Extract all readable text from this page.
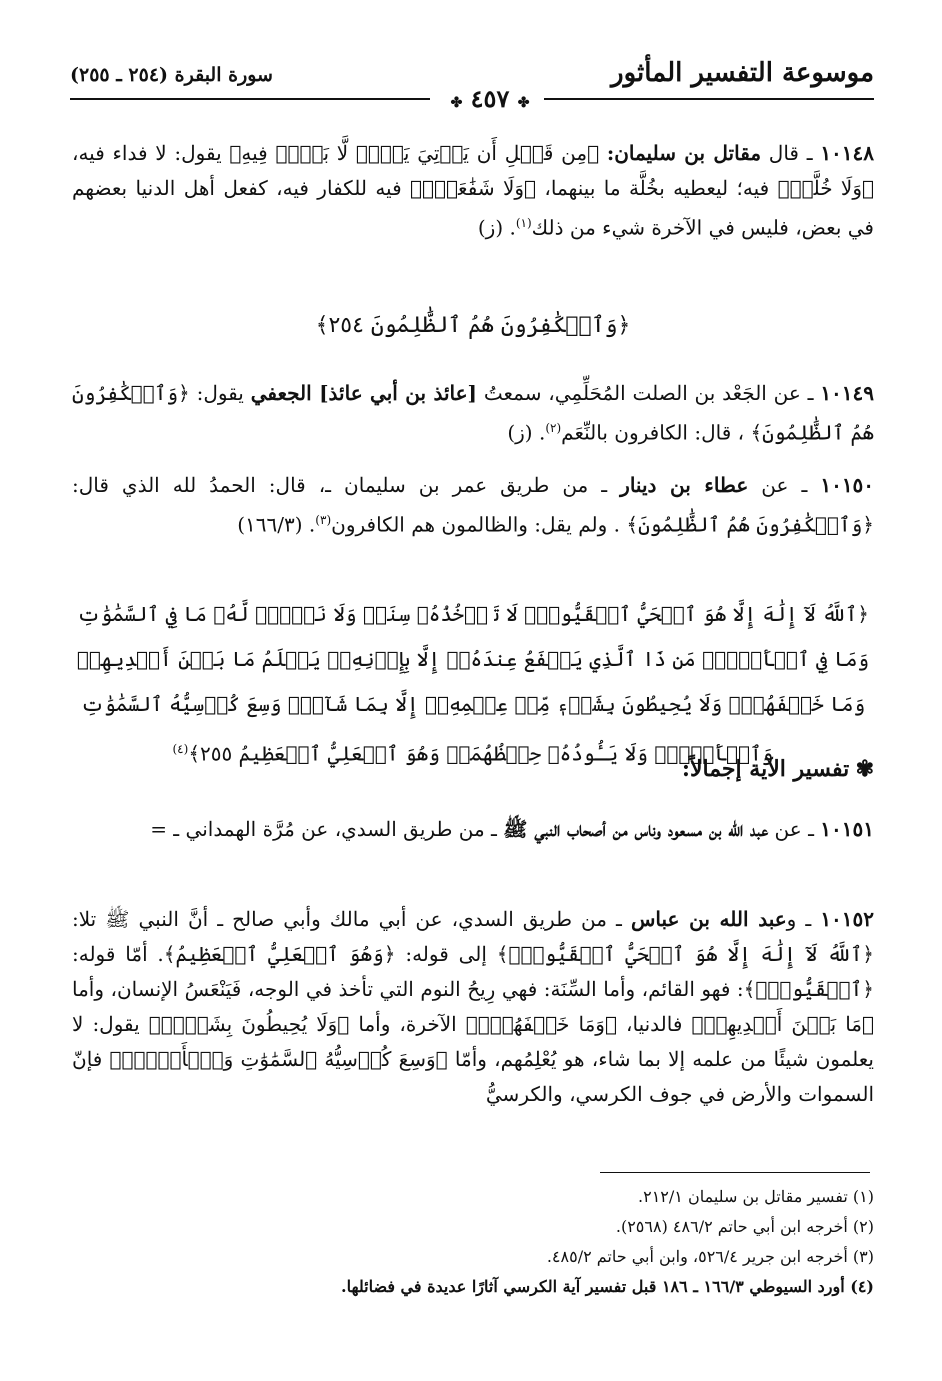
موسوعة التفسير المأثور
سورة البقرة (٢٥٤ ـ ٢٥٥)
✤ ٤٥٧ ✤
١٠١٤٨ ـ قال مقاتل بن سليمان: ﴿مِن قَبۡلِ أَن يَأۡتِيَ يَوۡمٞ لَّا بَيۡعٞ فِيهِ﴾ يقول: لا فداء فيه، ﴿وَلَا خُلَّةٞ﴾ فيه؛ ليعطيه بخُلَّة ما بينهما، ﴿وَلَا شَفَٰعَةٞۗ﴾ فيه للكفار فيه، كفعل أهل الدنيا بعضهم في بعض، فليس في الآخرة شيء من ذلك$^{(١)}$. (ز)
﴿وَٱلۡكَٰفِرُونَ هُمُ ٱلظَّٰلِمُونَ ٢٥٤﴾
١٠١٤٩ ـ عن الجَعْد بن الصلت المُحَلِّمِي، سمعتُ [عائذ بن أبي عائذ] الجعفي يقول: ﴿وَٱلۡكَٰفِرُونَ هُمُ ٱلظَّٰلِمُونَ﴾ ، قال: الكافرون بالنِّعَم$^{(٢)}$. (ز)
١٠١٥٠ ـ عن عطاء بن دينار ـ من طريق عمر بن سليمان ـ، قال: الحمدُ لله الذي قال: ﴿وَٱلۡكَٰفِرُونَ هُمُ ٱلظَّٰلِمُونَ﴾ . ولم يقل: والظالمون هم الكافرون$^{(٣)}$. (١٦٦/٣)
﴿ٱللَّهُ لَآ إِلَٰهَ إِلَّا هُوَ ٱلۡحَيُّ ٱلۡقَيُّومُۚ لَا تَأۡخُذُهُۥ سِنَةٞ وَلَا نَوۡمٞۚ لَّهُۥ مَا فِي ٱلسَّمَٰوَٰتِ وَمَا فِي ٱلۡأَرۡضِۗ مَن ذَا ٱلَّذِي يَشۡفَعُ عِندَهُۥٓ إِلَّا بِإِذۡنِهِۦۚ يَعۡلَمُ مَا بَيۡنَ أَيۡدِيهِمۡ وَمَا خَلۡفَهُمۡۖ وَلَا يُحِيطُونَ بِشَيۡءٖ مِّنۡ عِلۡمِهِۦٓ إِلَّا بِمَا شَآءَۚ وَسِعَ كُرۡسِيُّهُ ٱلسَّمَٰوَٰتِ وَٱلۡأَرۡضَۖ وَلَا يَـُٔودُهُۥ حِفۡظُهُمَاۚ وَهُوَ ٱلۡعَلِيُّ ٱلۡعَظِيمُ ٢٥٥﴾$^{(٤)}$
✾ تفسير الآية إجمالاً:
١٠١٥١ ـ عن عبد الله بن مسعود وناس من أصحاب النبي ﷺ ـ من طريق السدي، عن مُرَّة الهمداني ـ =
١٠١٥٢ ـ وعبد الله بن عباس ـ من طريق السدي، عن أبي مالك وأبي صالح ـ أنَّ النبي ﷺ تلا: ﴿ٱللَّهُ لَآ إِلَٰهَ إِلَّا هُوَ ٱلۡحَيُّ ٱلۡقَيُّومُۚ﴾ إلى قوله: ﴿وَهُوَ ٱلۡعَلِيُّ ٱلۡعَظِيمُ﴾. أمّا قوله: ﴿ٱلۡقَيُّومُۚ﴾: فهو القائم، وأما السِّنَة: فهي رِيحُ النوم التي تأخذ في الوجه، فَيَنْعَسُ الإنسان، وأما ﴿مَا بَيۡنَ أَيۡدِيهِمۡ﴾ فالدنيا، ﴿وَمَا خَلۡفَهُمۡۖ﴾ الآخرة، وأما ﴿وَلَا يُحِيطُونَ بِشَيۡءٖ﴾ يقول: لا يعلمون شيئًا من علمه إلا بما شاء، هو يُعْلِمُهم، وأمّا ﴿وَسِعَ كُرۡسِيُّهُ ٱلسَّمَٰوَٰتِ وَٱلۡأَرۡضَۖ﴾ فإنّ السموات والأرض في جوف الكرسي، والكرسيُّ
(١) تفسير مقاتل بن سليمان ٢١٢/١.
(٢) أخرجه ابن أبي حاتم ٤٨٦/٢ (٢٥٦٨).
(٣) أخرجه ابن جرير ٥٢٦/٤، وابن أبي حاتم ٤٨٥/٢.
(٤) أورد السيوطي ١٦٦/٣ ـ ١٨٦ قبل تفسير آية الكرسي آثارًا عديدة في فضائلها.
